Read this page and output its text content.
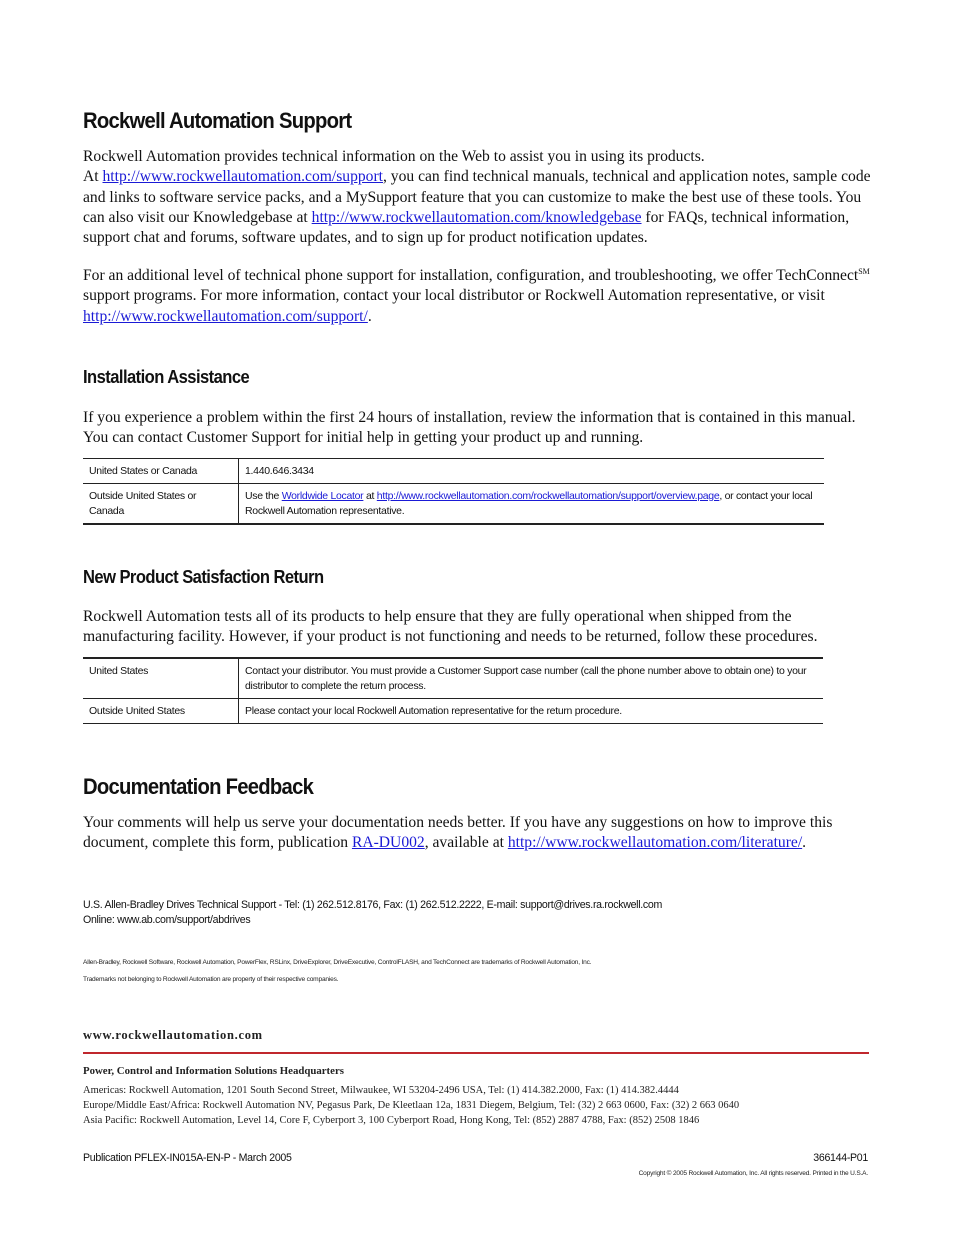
Rockwell Automation Support

Rockwell Automation provides technical information on the Web to assist you in using its products.
At http://www.rockwellautomation.com/support, you can find technical manuals, technical and application notes, sample code and links to software service packs, and a MySupport feature that you can customize to make the best use of these tools. You can also visit our Knowledgebase at http://www.rockwellautomation.com/knowledgebase for FAQs, technical information, support chat and forums, software updates, and to sign up for product notification updates.

For an additional level of technical phone support for installation, configuration, and troubleshooting, we offer TechConnect℠ support programs. For more information, contact your local distributor or Rockwell Automation representative, or visit http://www.rockwellautomation.com/support/.

Installation Assistance

If you experience a problem within the first 24 hours of installation, review the information that is contained in this manual. You can contact Customer Support for initial help in getting your product up and running.

United States or Canada	1.440.646.3434
Outside United States or Canada	Use the Worldwide Locator at http://www.rockwellautomation.com/rockwellautomation/support/overview.page, or contact your local Rockwell Automation representative.
New Product Satisfaction Return

Rockwell Automation tests all of its products to help ensure that they are fully operational when shipped from the manufacturing facility. However, if your product is not functioning and needs to be returned, follow these procedures.

United States	Contact your distributor. You must provide a Customer Support case number (call the phone number above to obtain one) to your distributor to complete the return process.
Outside United States	Please contact your local Rockwell Automation representative for the return procedure.
Documentation Feedback

Your comments will help us serve your documentation needs better. If you have any suggestions on how to improve this document, complete this form, publication RA-DU002, available at http://www.rockwellautomation.com/literature/.

U.S. Allen-Bradley Drives Technical Support - Tel: (1) 262.512.8176, Fax: (1) 262.512.2222, E-mail: support@drives.ra.rockwell.com
Online: www.ab.com/support/abdrives
Allen-Bradley, Rockwell Software, Rockwell Automation, PowerFlex, RSLinx, DriveExplorer, DriveExecutive, ControlFLASH, and TechConnect are trademarks of Rockwell Automation, Inc.
Trademarks not belonging to Rockwell Automation are property of their respective companies.
www.rockwellautomation.com
Power, Control and Information Solutions Headquarters
Americas: Rockwell Automation, 1201 South Second Street, Milwaukee, WI 53204-2496 USA, Tel: (1) 414.382.2000, Fax: (1) 414.382.4444
Europe/Middle East/Africa: Rockwell Automation NV, Pegasus Park, De Kleetlaan 12a, 1831 Diegem, Belgium, Tel: (32) 2 663 0600, Fax: (32) 2 663 0640
Asia Pacific: Rockwell Automation, Level 14, Core F, Cyberport 3, 100 Cyberport Road, Hong Kong, Tel: (852) 2887 4788, Fax: (852) 2508 1846
Publication PFLEX-IN015A-EN-P - March 2005	366144-P01
Copyright © 2005 Rockwell Automation, Inc. All rights reserved. Printed in the U.S.A.
